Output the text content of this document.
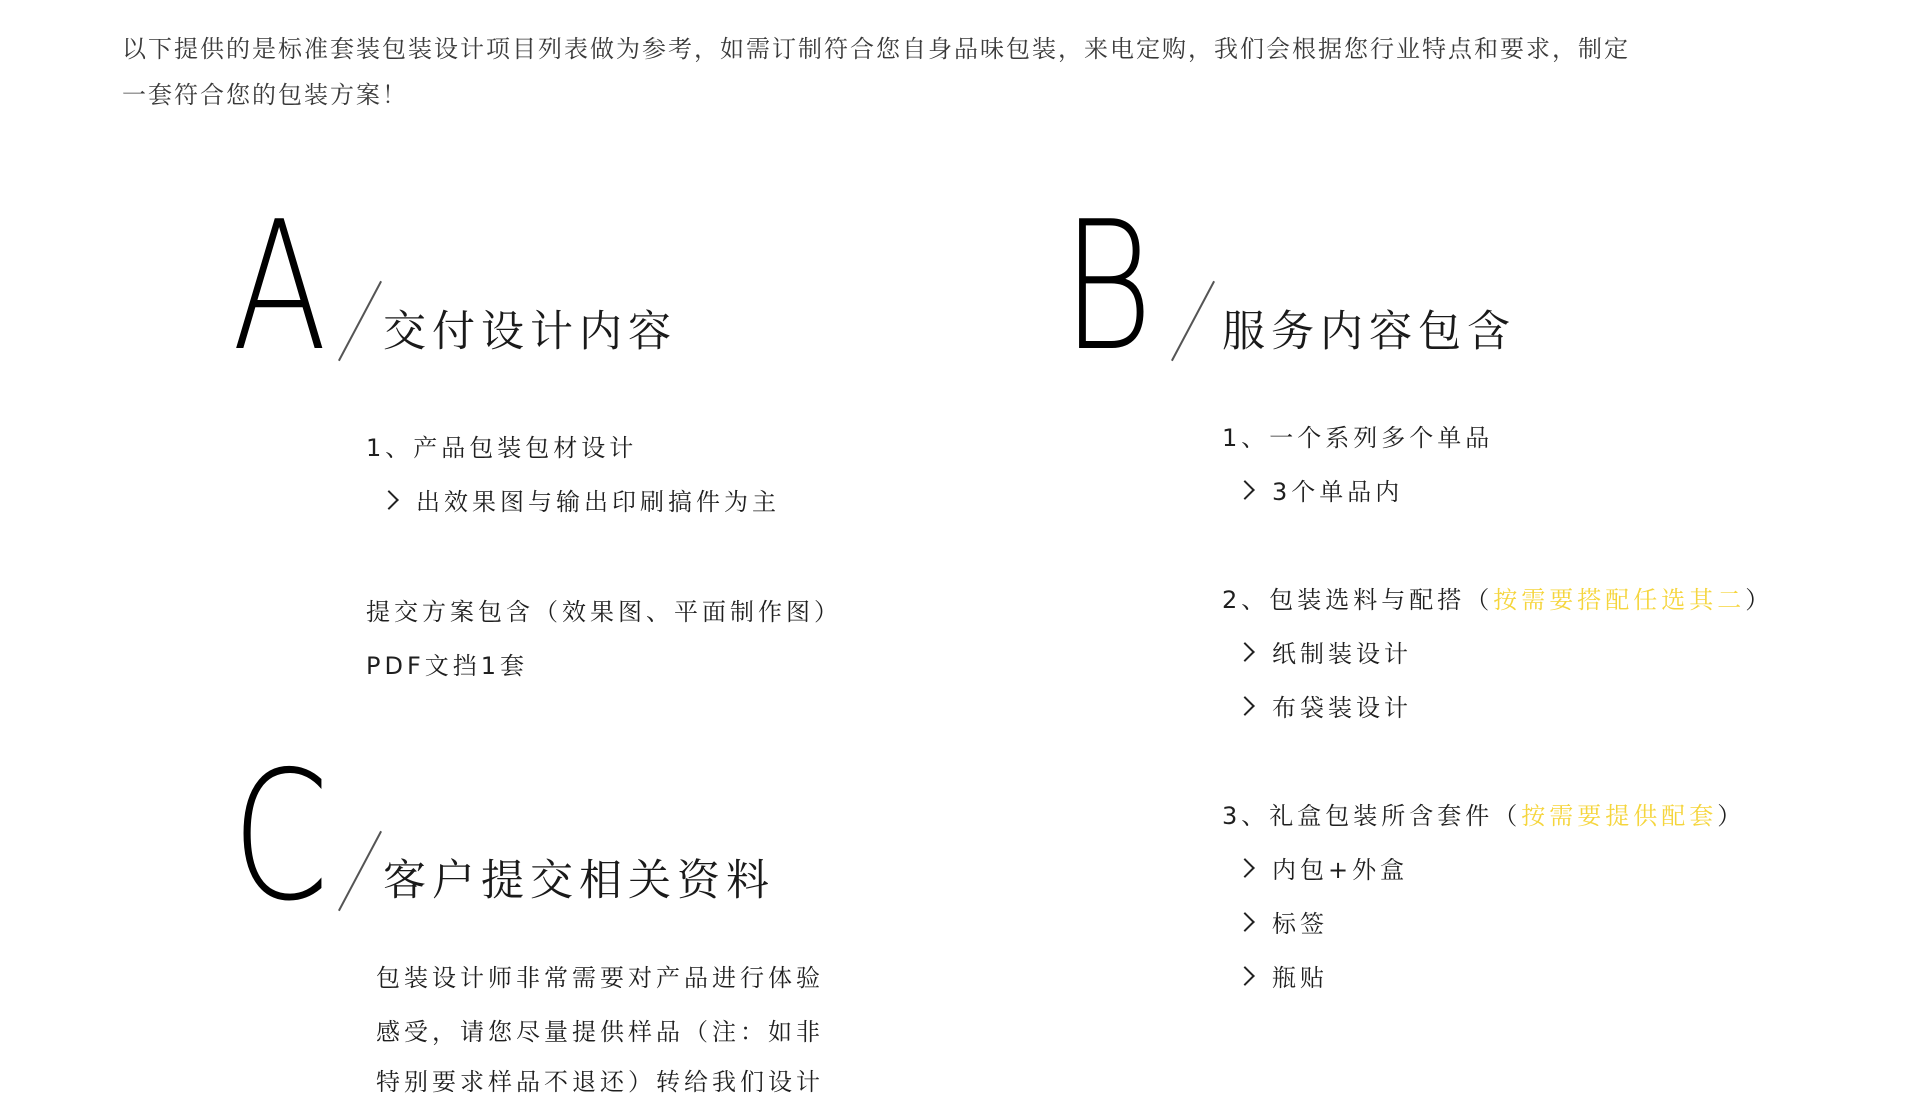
以下提供的是标准套装包装设计项目列表做为参考，如需订制符合您自身品味包装，来电定购，我们会根据您行业特点和要求，制定
一套符合您的包装方案！
A 交付设计内容
1、产品包装包材设计
出效果图与输出印刷搞件为主
提交方案包含（效果图、平面制作图）
PDF文挡1套
B 服务内容包含
1、一个系列多个单品
3个单品内
2、包装选料与配搭（按需要搭配任选其二）
纸制装设计
布袋装设计
3、礼盒包装所含套件（按需要提供配套）
内包+外盒
标签
瓶贴
C 客户提交相关资料
包装设计师非常需要对产品进行体验
感受，请您尽量提供样品（注：如非
特别要求样品不退还）转给我们设计
